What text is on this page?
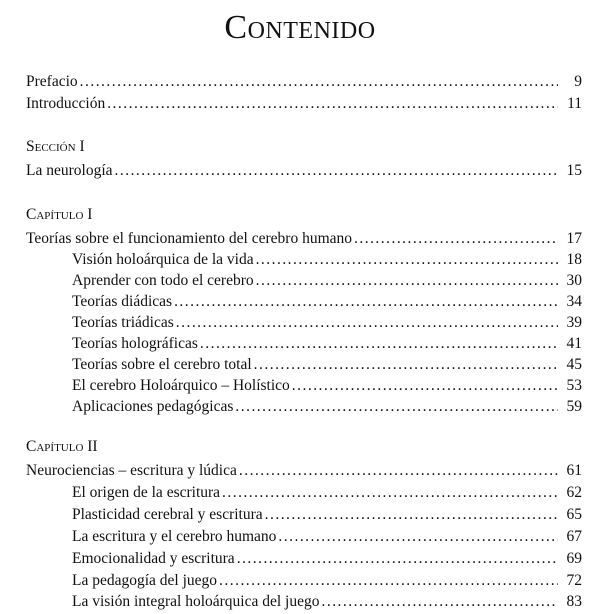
Contenido
Prefacio . . .	9
Introducción . . .	11
Sección I
La neurología . . .	15
Capítulo I
Teorías sobre el funcionamiento del cerebro humano . . .	17
Visión holoárquica de la vida . . .	18
Aprender con todo el cerebro . . .	30
Teorías diádicas . . .	34
Teorías triádicas . . .	39
Teorías holográficas . . .	41
Teorías sobre el cerebro total . . .	45
El cerebro Holoárquico – Holístico . . .	53
Aplicaciones pedagógicas . . .	59
Capítulo II
Neurociencias – escritura y lúdica . . .	61
El origen de la escritura . . .	62
Plasticidad cerebral y escritura . . .	65
La escritura y el cerebro humano . . .	67
Emocionalidad y escritura . . .	69
La pedagogía del juego . . .	72
La visión integral holoárquica del juego . . .	83
